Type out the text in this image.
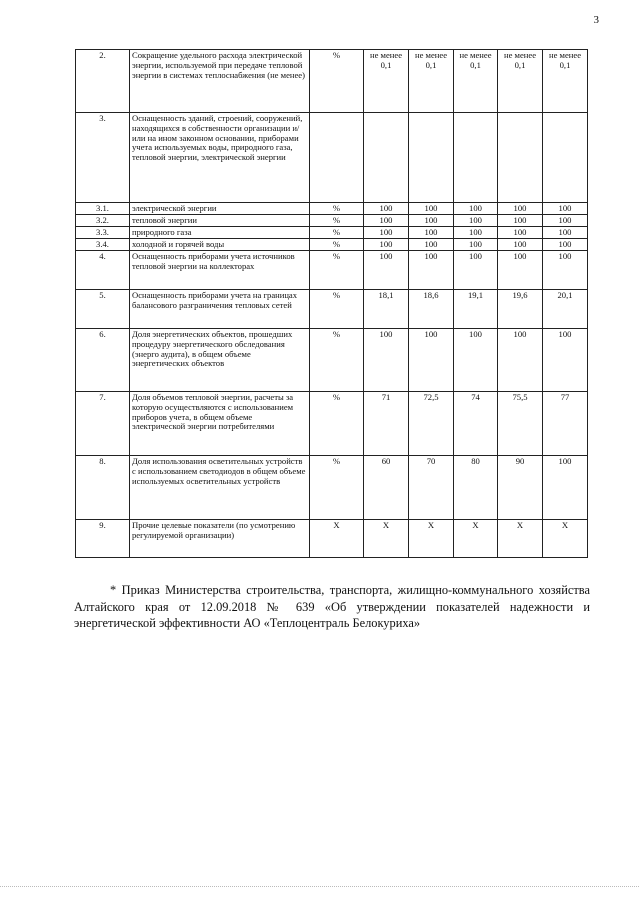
3
2.	Сокращение удельного расхода электрической энергии, используемой при передаче тепловой энергии в системах теплоснабжения (не менее)	%	не менее 0,1	не менее 0,1	не менее 0,1	не менее 0,1	не менее 0,1
3.	Оснащенность зданий, строений, сооружений, находящихся в собственности организации и/или на ином законном основании, приборами учета используемых воды, природного газа, тепловой энергии, электрической энергии						
3.1.	электрической энергии	%	100	100	100	100	100
3.2.	тепловой энергии	%	100	100	100	100	100
3.3.	природного газа	%	100	100	100	100	100
3.4.	холодной и горячей воды	%	100	100	100	100	100
4.	Оснащенность приборами учета источников тепловой энергии на коллекторах	%	100	100	100	100	100
5.	Оснащенность приборами учета на границах балансового разграничения тепловых сетей	%	18,1	18,6	19,1	19,6	20,1
6.	Доля энергетических объектов, прошедших процедуру энергетического обследования (энерго аудита), в общем объеме энергетических объектов	%	100	100	100	100	100
7.	Доля объемов тепловой энергии, расчеты за которую осуществляются с использованием приборов учета, в общем объеме электрической энергии потребителями	%	71	72,5	74	75,5	77
8.	Доля использования осветительных устройств с использованием светодиодов в общем объеме используемых осветительных устройств	%	60	70	80	90	100
9.	Прочие целевые показатели (по усмотрению регулируемой организации)	Х	Х	Х	Х	Х	Х

* Приказ Министерства строительства, транспорта, жилищно-коммунального хозяйства Алтайского края от 12.09.2018 № 639 «Об утверждении показателей надежности и энергетической эффективности АО «Теплоцентраль Белокуриха»
